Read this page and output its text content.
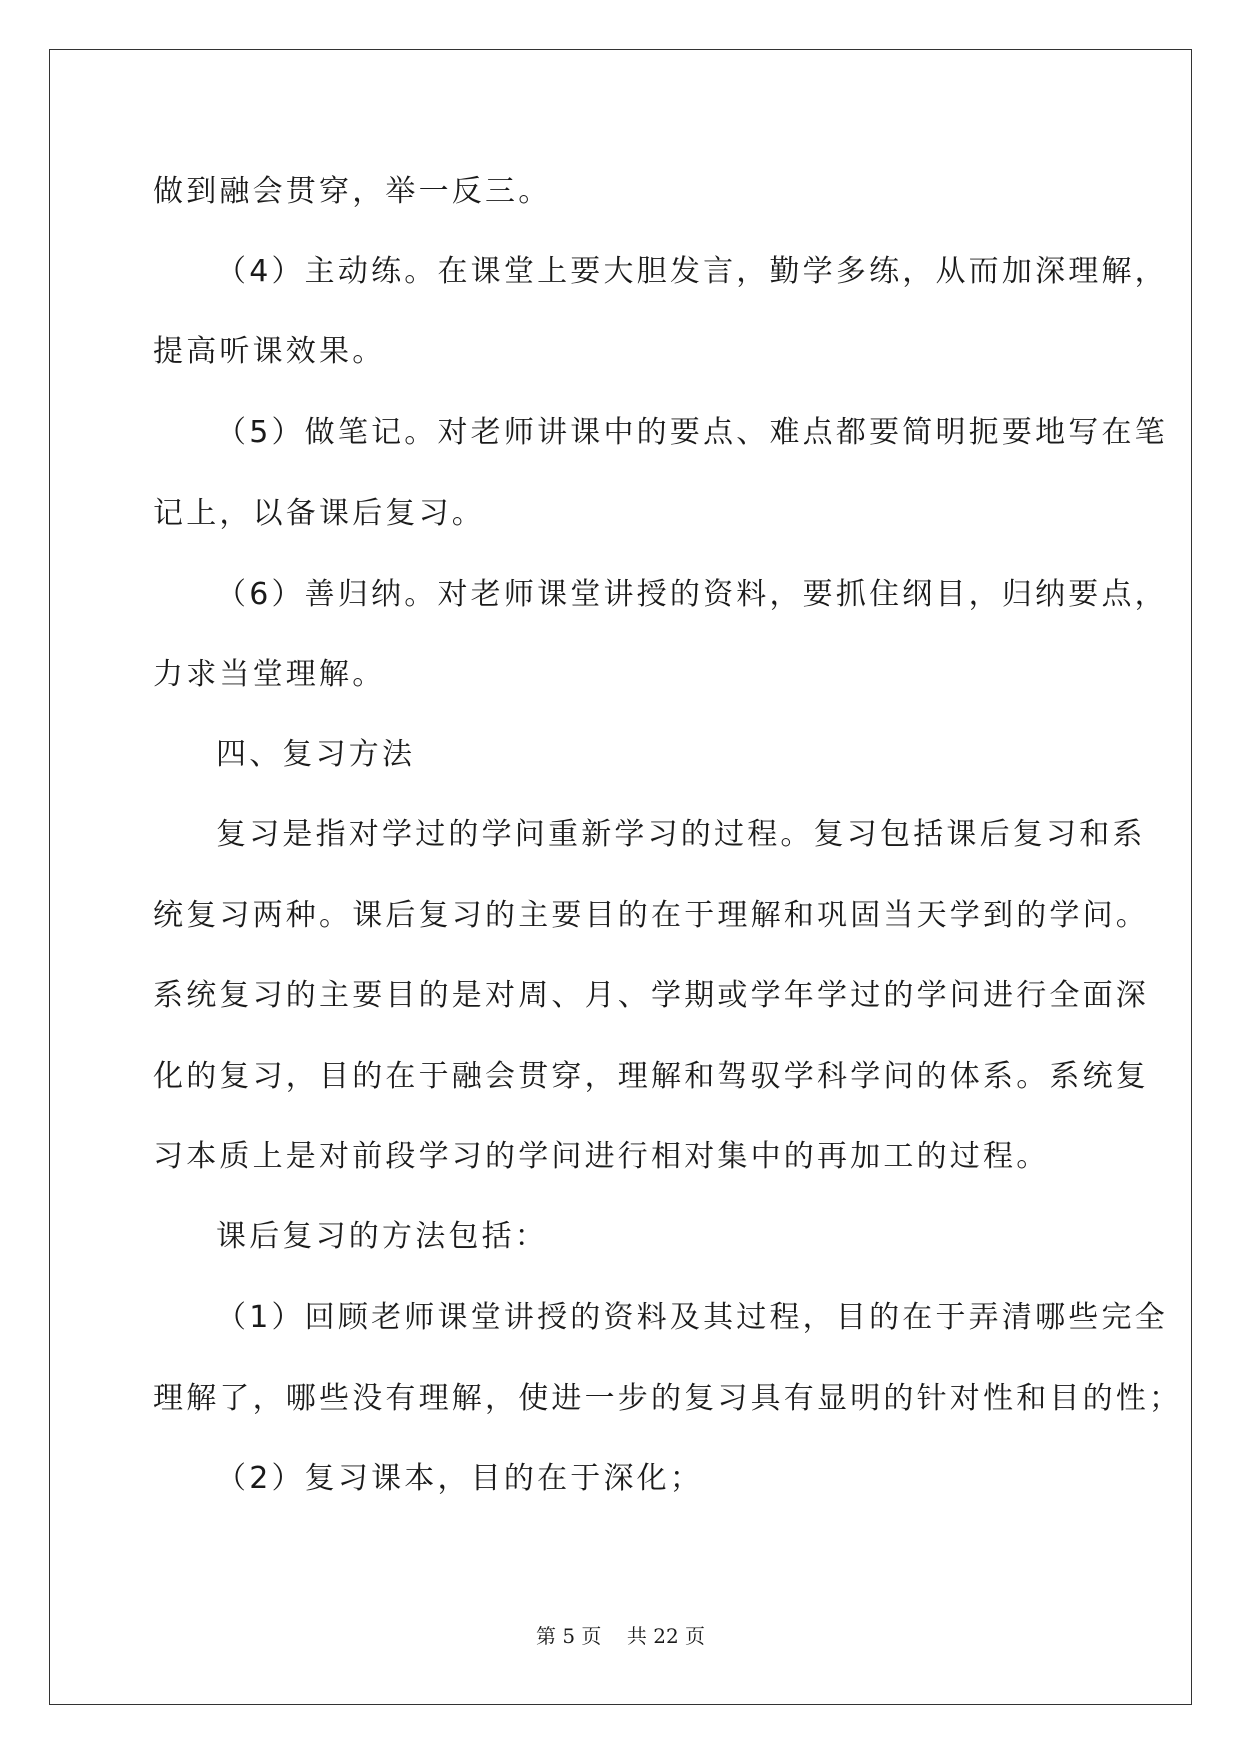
做到融会贯穿，举一反三。
（4）主动练。在课堂上要大胆发言，勤学多练，从而加深理解，
提高听课效果。
（5）做笔记。对老师讲课中的要点、难点都要简明扼要地写在笔
记上，以备课后复习。
（6）善归纳。对老师课堂讲授的资料，要抓住纲目，归纳要点，
力求当堂理解。
四、复习方法
复习是指对学过的学问重新学习的过程。复习包括课后复习和系
统复习两种。课后复习的主要目的在于理解和巩固当天学到的学问。
系统复习的主要目的是对周、月、学期或学年学过的学问进行全面深
化的复习，目的在于融会贯穿，理解和驾驭学科学问的体系。系统复
习本质上是对前段学习的学问进行相对集中的再加工的过程。
课后复习的方法包括：
（1）回顾老师课堂讲授的资料及其过程，目的在于弄清哪些完全
理解了，哪些没有理解，使进一步的复习具有显明的针对性和目的性；
（2）复习课本，目的在于深化；
第 5 页 共 22 页
